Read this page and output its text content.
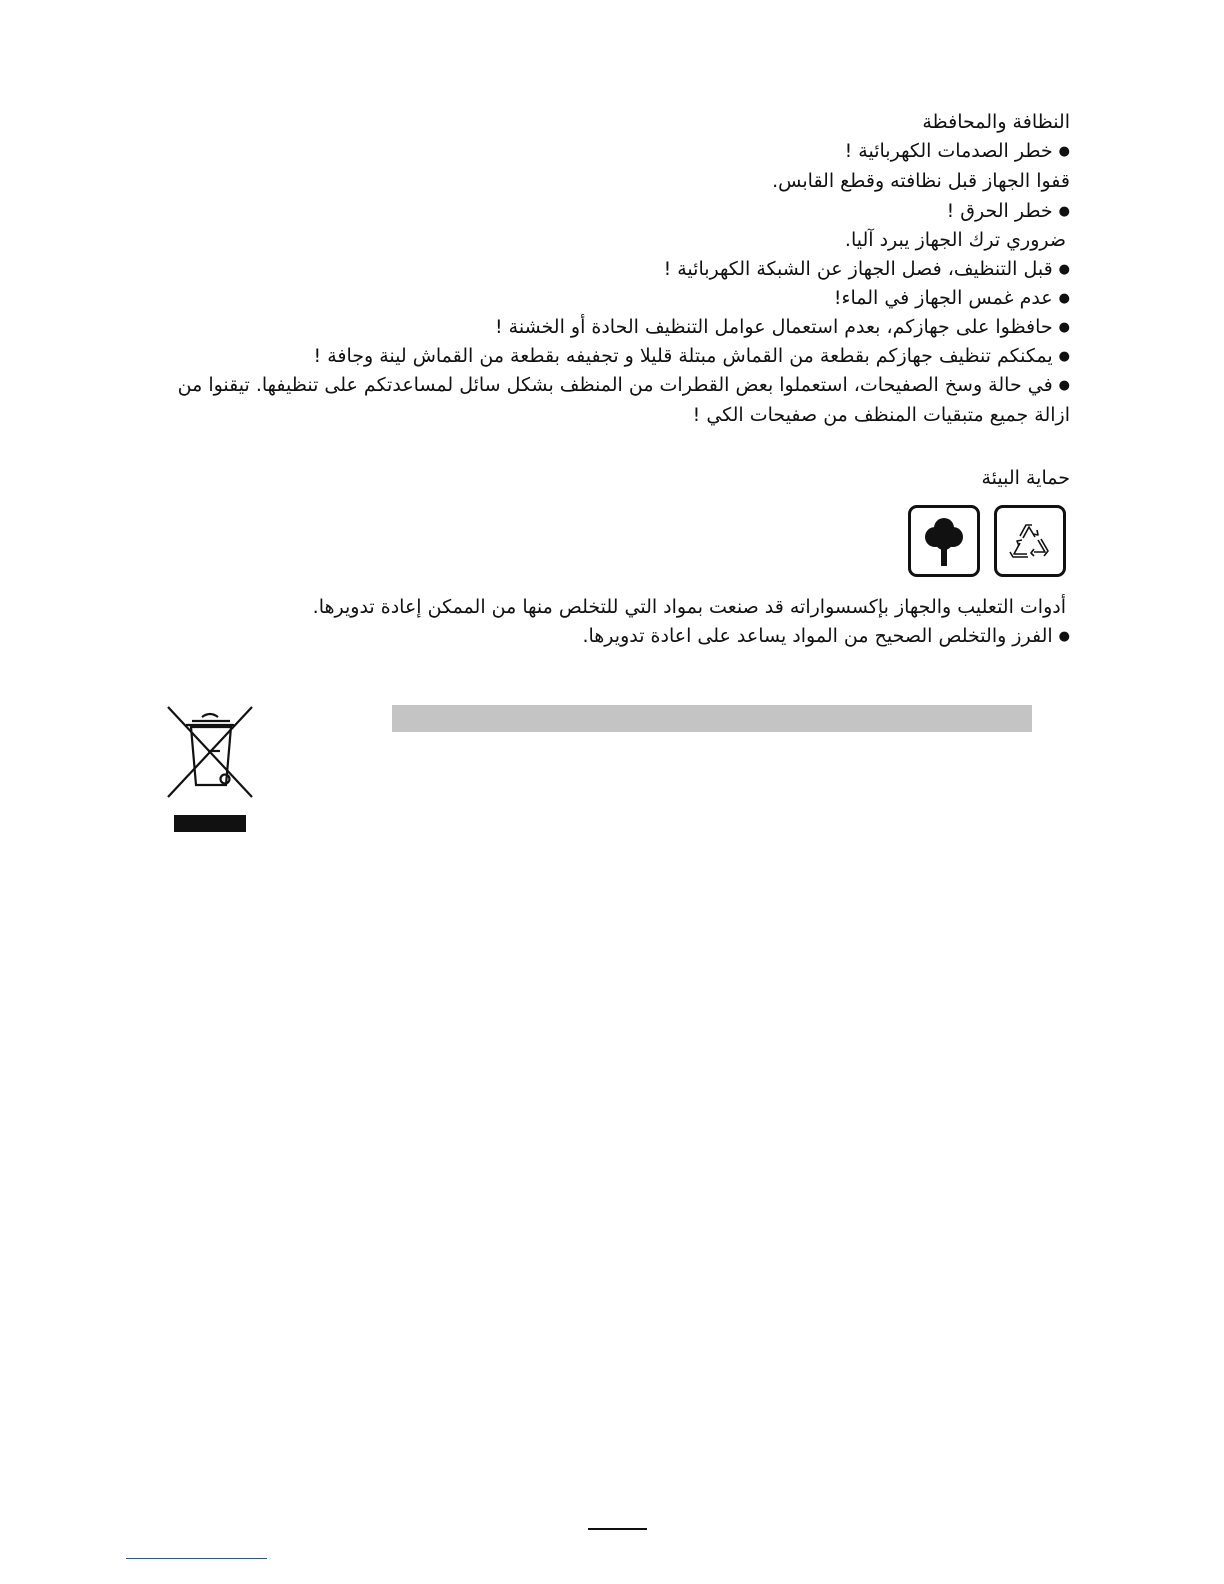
النظافة والمحافظة
● خطر الصدمات الكهربائية !
قفوا الجهاز قبل نظافته وقطع القابس.
● خطر الحرق !
ضروري ترك الجهاز يبرد آليا.
● قبل التنظيف، فصل الجهاز عن الشبكة الكهربائية !
● عدم غمس الجهاز في الماء!
● حافظوا على جهازكم، بعدم استعمال عوامل التنظيف الحادة أو الخشنة !
● يمكنكم تنظيف جهازكم بقطعة من القماش مبتلة قليلا و تجفيفه بقطعة من القماش لينة وجافة !
● في حالة وسخ الصفيحات، استعملوا بعض القطرات من المنظف بشكل سائل لمساعدتكم على تنظيفها. تيقنوا من
ازالة جميع متبقيات المنظف من صفيحات الكي !
حماية البيئة
أدوات التعليب والجهاز بإكسسواراته قد صنعت بمواد التي للتخلص منها من الممكن إعادة تدويرها.
● الفرز والتخلص الصحيح من المواد يساعد على اعادة تدويرها.
